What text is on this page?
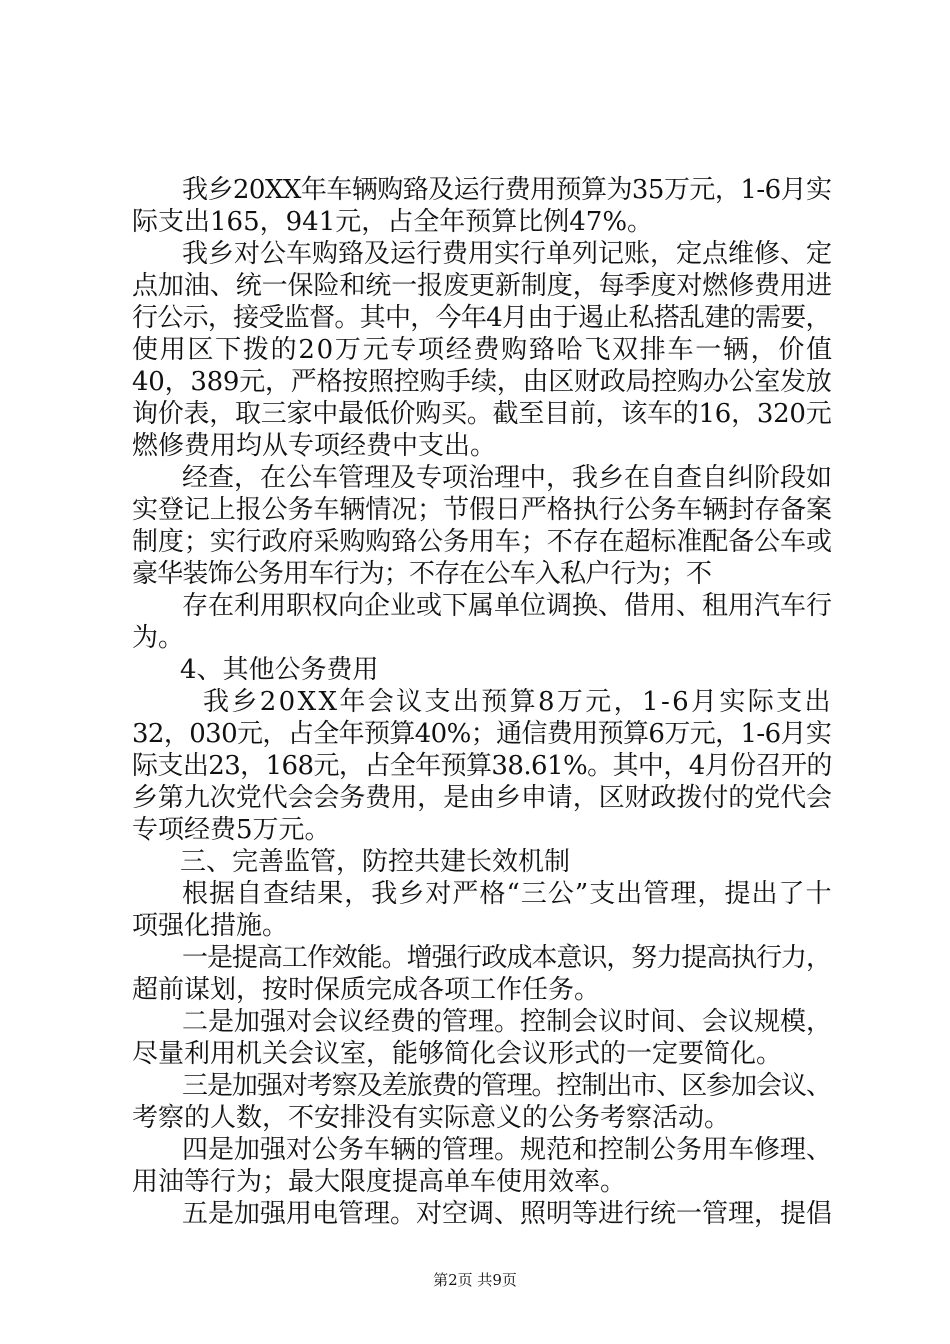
我乡20XX年车辆购臵及运行费用预算为35万元，1-6月实
际支出165，941元，占全年预算比例47%。
我乡对公车购臵及运行费用实行单列记账，定点维修、定
点加油、统一保险和统一报废更新制度，每季度对燃修费用进
行公示，接受监督。其中，今年4月由于遏止私搭乱建的需要，
使用区下拨的20万元专项经费购臵哈飞双排车一辆，价值
40，389元，严格按照控购手续，由区财政局控购办公室发放
询价表，取三家中最低价购买。截至目前，该车的16，320元
燃修费用均从专项经费中支出。
经查，在公车管理及专项治理中，我乡在自查自纠阶段如
实登记上报公务车辆情况；节假日严格执行公务车辆封存备案
制度；实行政府采购购臵公务用车；不存在超标准配备公车或
豪华装饰公务用车行为；不存在公车入私户行为；不
存在利用职权向企业或下属单位调换、借用、租用汽车行
为。
4、其他公务费用
我乡20XX年会议支出预算8万元，1-6月实际支出
32，030元，占全年预算40%；通信费用预算6万元，1-6月实
际支出23，168元，占全年预算38.61%。其中，4月份召开的
乡第九次党代会会务费用，是由乡申请，区财政拨付的党代会
专项经费5万元。
三、完善监管，防控共建长效机制
根据自查结果，我乡对严格“三公”支出管理，提出了十
项强化措施。
一是提高工作效能。增强行政成本意识，努力提高执行力，
超前谋划，按时保质完成各项工作任务。
二是加强对会议经费的管理。控制会议时间、会议规模，
尽量利用机关会议室，能够简化会议形式的一定要简化。
三是加强对考察及差旅费的管理。控制出市、区参加会议、
考察的人数，不安排没有实际意义的公务考察活动。
四是加强对公务车辆的管理。规范和控制公务用车修理、
用油等行为；最大限度提高单车使用效率。
五是加强用电管理。对空调、照明等进行统一管理，提倡
第2页 共9页
